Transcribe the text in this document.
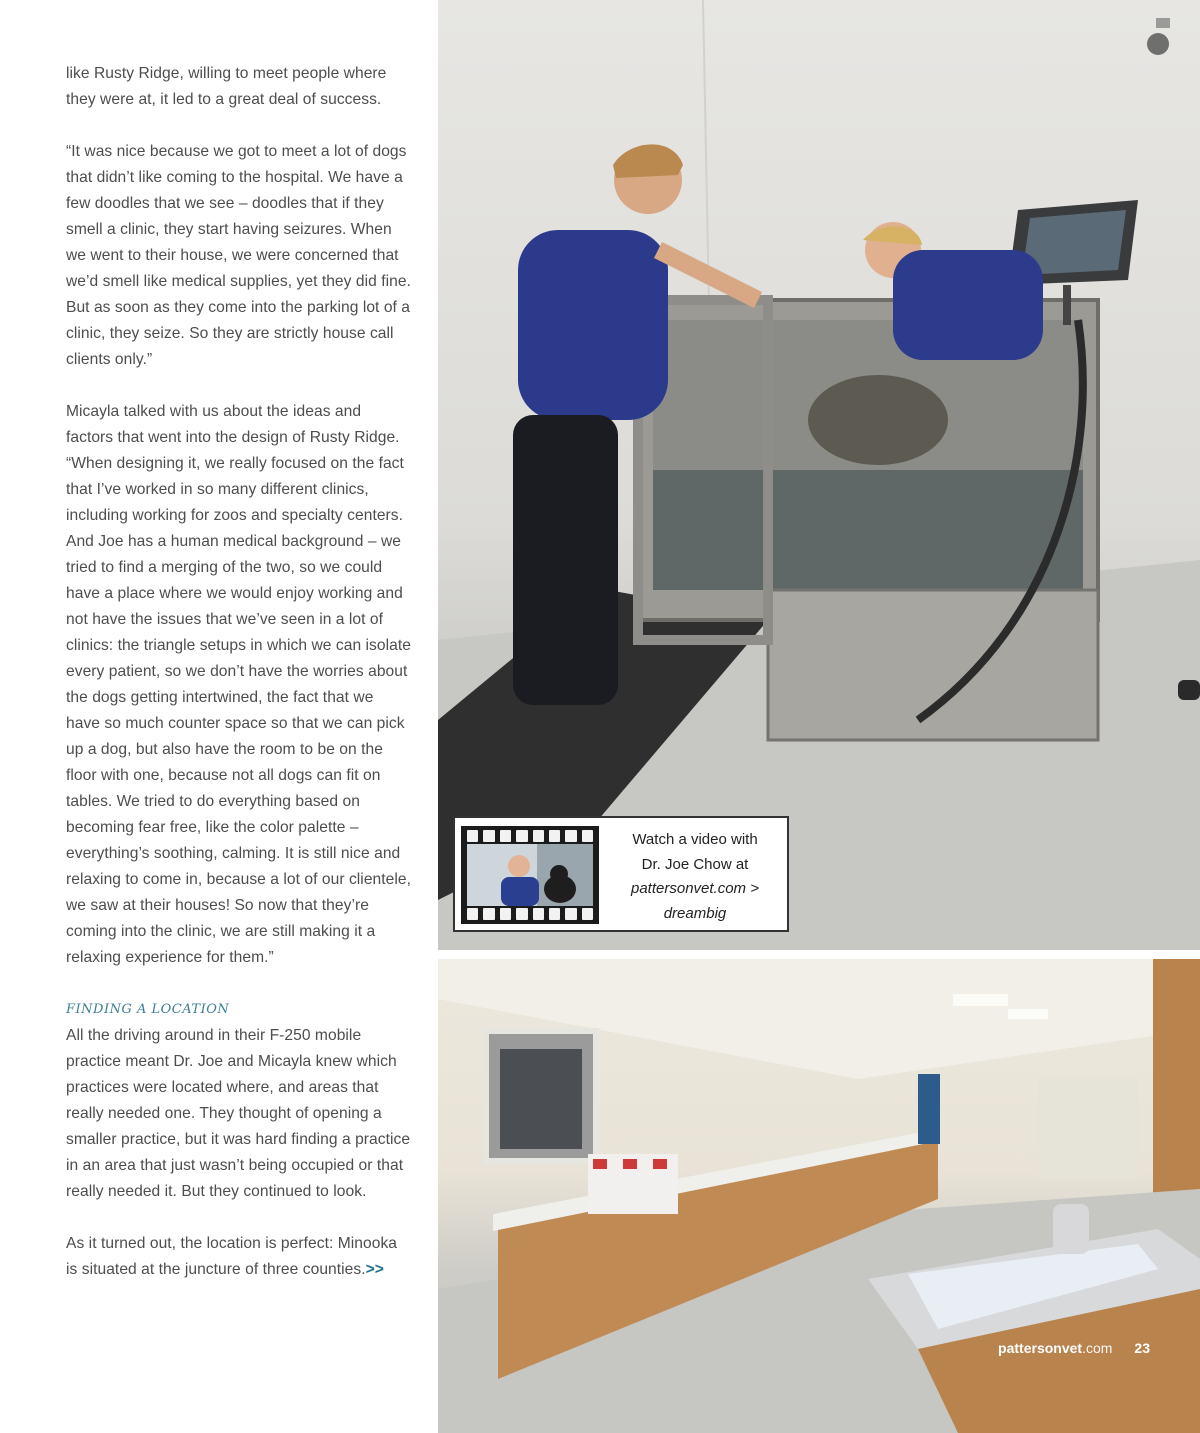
like Rusty Ridge, willing to meet people where they were at, it led to a great deal of success.

“It was nice because we got to meet a lot of dogs that didn’t like coming to the hospital. We have a few doodles that we see – doodles that if they smell a clinic, they start having seizures. When we went to their house, we were concerned that we’d smell like medical supplies, yet they did fine. But as soon as they come into the parking lot of a clinic, they seize. So they are strictly house call clients only.”

Micayla talked with us about the ideas and factors that went into the design of Rusty Ridge. “When designing it, we really focused on the fact that I’ve worked in so many different clinics, including working for zoos and specialty centers. And Joe has a human medical background – we tried to find a merging of the two, so we could have a place where we would enjoy working and not have the issues that we’ve seen in a lot of clinics: the triangle setups in which we can isolate every patient, so we don’t have the worries about the dogs getting intertwined, the fact that we have so much counter space so that we can pick up a dog, but also have the room to be on the floor with one, because not all dogs can fit on tables. We tried to do everything based on becoming fear free, like the color palette – everything’s soothing, calming. It is still nice and relaxing to come in, because a lot of our clientele, we saw at their houses! So now that they’re coming into the clinic, we are still making it a relaxing experience for them.”

FINDING A LOCATION

All the driving around in their F-250 mobile practice meant Dr. Joe and Micayla knew which practices were located where, and areas that really needed one. They thought of opening a smaller practice, but it was hard finding a practice in an area that just wasn’t being occupied or that really needed it. But they continued to look.

As it turned out, the location is perfect: Minooka is situated at the juncture of three counties.>>

Watch a video with
Dr. Joe Chow at
pattersonvet.com >
dreambig
pattersonvet.com 23
